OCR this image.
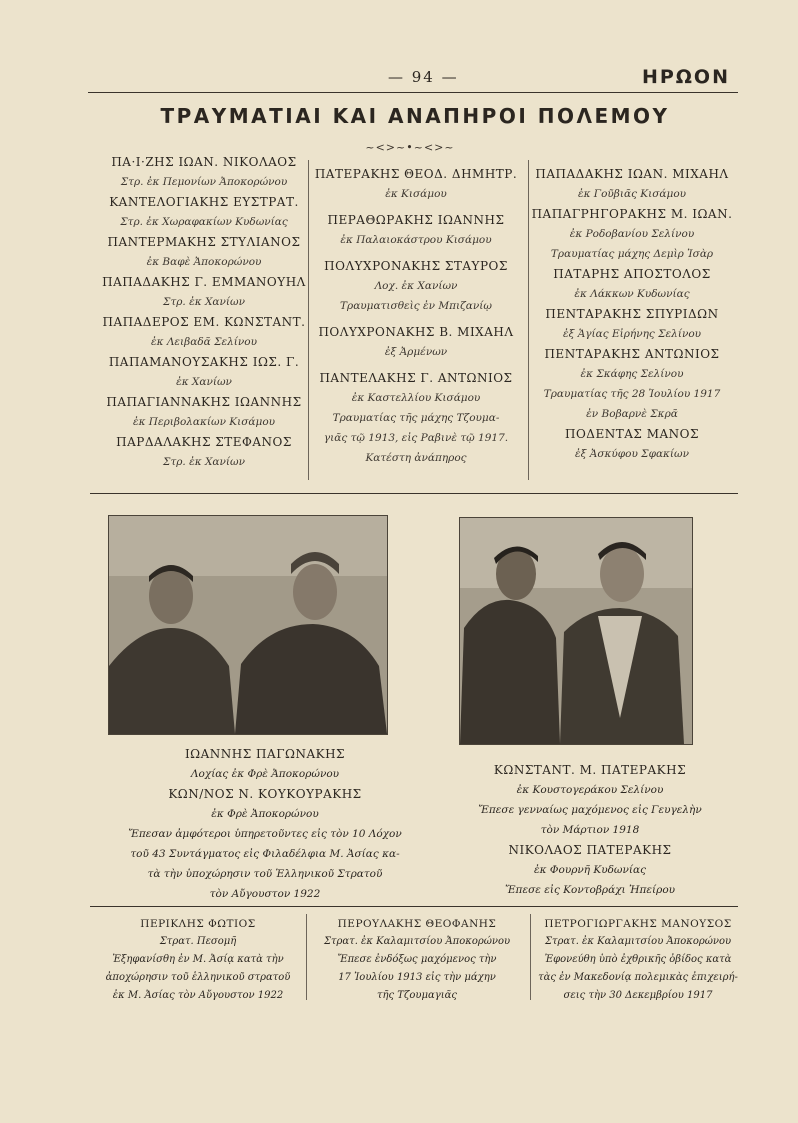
— 94 —	ΗΡΩΟΝ
ΤΡΑΥΜΑΤΙΑΙ ΚΑΙ ΑΝΑΠΗΡΟΙ ΠΟΛΕΜΟΥ
~<>~•~<>~
ΠΑ·Ι·ΖΗΣ ΙΩΑΝ. ΝΙΚΟΛΑΟΣ
Στρ. ἐκ Πεμονίων Ἀποκορώνου
ΚΑΝΤΕΛΟΓΙΑΚΗΣ ΕΥΣΤΡΑΤ.
Στρ. ἐκ Χωραφακίων Κυδωνίας
ΠΑΝΤΕΡΜΑΚΗΣ ΣΤΥΛΙΑΝΟΣ
ἐκ Βαφὲ Ἀποκορώνου
ΠΑΠΑΔΑΚΗΣ Γ. ΕΜΜΑΝΟΥΗΛ
Στρ. ἐκ Χανίων
ΠΑΠΑΔΕΡΟΣ ΕΜ. ΚΩΝΣΤΑΝΤ.
ἐκ Λειβαδᾶ Σελίνου
ΠΑΠΑΜΑΝΟΥΣΑΚΗΣ ΙΩΣ. Γ.
ἐκ Χανίων
ΠΑΠΑΓΙΑΝΝΑΚΗΣ ΙΩΑΝΝΗΣ
ἐκ Περιβολακίων Κισάμου
ΠΑΡΔΑΛΑΚΗΣ ΣΤΕΦΑΝΟΣ
Στρ. ἐκ Χανίων
ΠΑΤΕΡΑΚΗΣ ΘΕΟΔ. ΔΗΜΗΤΡ.
ἐκ Κισάμου
ΠΕΡΑΘΩΡΑΚΗΣ ΙΩΑΝΝΗΣ
ἐκ Παλαιοκάστρου Κισάμου
ΠΟΛΥΧΡΟΝΑΚΗΣ ΣΤΑΥΡΟΣ
Λοχ. ἐκ Χανίων
Τραυματισθεὶς ἐν Μπιζανίῳ
ΠΟΛΥΧΡΟΝΑΚΗΣ Β. ΜΙΧΑΗΛ
ἐξ Ἀρμένων
ΠΑΝΤΕΛΑΚΗΣ Γ. ΑΝΤΩΝΙΟΣ
ἐκ Καστελλίου Κισάμου
Τραυματίας τῆς μάχης Τζουμα-
γιᾶς τῷ 1913, εἰς Ραβινὲ τῷ 1917.
Κατέστη ἀνάπηρος
ΠΑΠΑΔΑΚΗΣ ΙΩΑΝ. ΜΙΧΑΗΛ
ἐκ Γοῦβιᾶς Κισάμου
ΠΑΠΑΓΡΗΓΟΡΑΚΗΣ Μ. ΙΩΑΝ.
ἐκ Ροδοβανίου Σελίνου
Τραυματίας μάχης Δεμὶρ Ἰσὰρ
ΠΑΤΑΡΗΣ ΑΠΟΣΤΟΛΟΣ
ἐκ Λάκκων Κυδωνίας
ΠΕΝΤΑΡΑΚΗΣ ΣΠΥΡΙΔΩΝ
ἐξ Ἁγίας Εἰρήνης Σελίνου
ΠΕΝΤΑΡΑΚΗΣ ΑΝΤΩΝΙΟΣ
ἐκ Σκάφης Σελίνου
Τραυματίας τῆς 28 Ἰουλίου 1917
ἐν Βοβαρνὲ Σκρᾶ
ΠΟΔΕΝΤΑΣ ΜΑΝΟΣ
ἐξ Ἀσκύφου Σφακίων
ΙΩΑΝΝΗΣ ΠΑΓΩΝΑΚΗΣ
Λοχίας ἐκ Φρὲ Ἀποκορώνου
ΚΩΝ/ΝΟΣ Ν. ΚΟΥΚΟΥΡΑΚΗΣ
ἐκ Φρὲ Ἀποκορώνου
Ἔπεσαν ἀμφότεροι ὑπηρετοῦντες εἰς τὸν 10 Λόχον
τοῦ 43 Συντάγματος εἰς Φιλαδέλφια Μ. Ἀσίας κα-
τὰ τὴν ὑποχώρησιν τοῦ Ἑλληνικοῦ Στρατοῦ
τὸν Αὔγουστον 1922
ΚΩΝΣΤΑΝΤ. Μ. ΠΑΤΕΡΑΚΗΣ
ἐκ Κουστογεράκου Σελίνου
Ἔπεσε γενναίως μαχόμενος εἰς Γευγελὴν
τὸν Μάρτιον 1918
ΝΙΚΟΛΑΟΣ ΠΑΤΕΡΑΚΗΣ
ἐκ Φουρνῆ Κυδωνίας
Ἔπεσε εἰς Κοντοβράχι Ἠπείρου
ΠΕΡΙΚΛΗΣ ΦΩΤΙΟΣ
Στρατ. Πεσομῆ
Ἐξηφανίσθη ἐν Μ. Ἀσίᾳ κατὰ τὴν
ἀποχώρησιν τοῦ ἑλληνικοῦ στρατοῦ
ἐκ Μ. Ἀσίας τὸν Αὔγουστον 1922
ΠΕΡΟΥΛΑΚΗΣ ΘΕΟΦΑΝΗΣ
Στρατ. ἐκ Καλαμιτσίου Ἀποκορώνου
Ἔπεσε ἐνδόξως μαχόμενος τὴν
17 Ἰουλίου 1913 εἰς τὴν μάχην
τῆς Τζουμαγιᾶς
ΠΕΤΡΟΓΙΩΡΓΑΚΗΣ ΜΑΝΟΥΣΟΣ
Στρατ. ἐκ Καλαμιτσίου Ἀποκορώνου
Ἐφονεύθη ὑπὸ ἐχθρικῆς ὀβίδος κατὰ
τὰς ἐν Μακεδονίᾳ πολεμικὰς ἐπιχειρή-
σεις τὴν 30 Δεκεμβρίου 1917
